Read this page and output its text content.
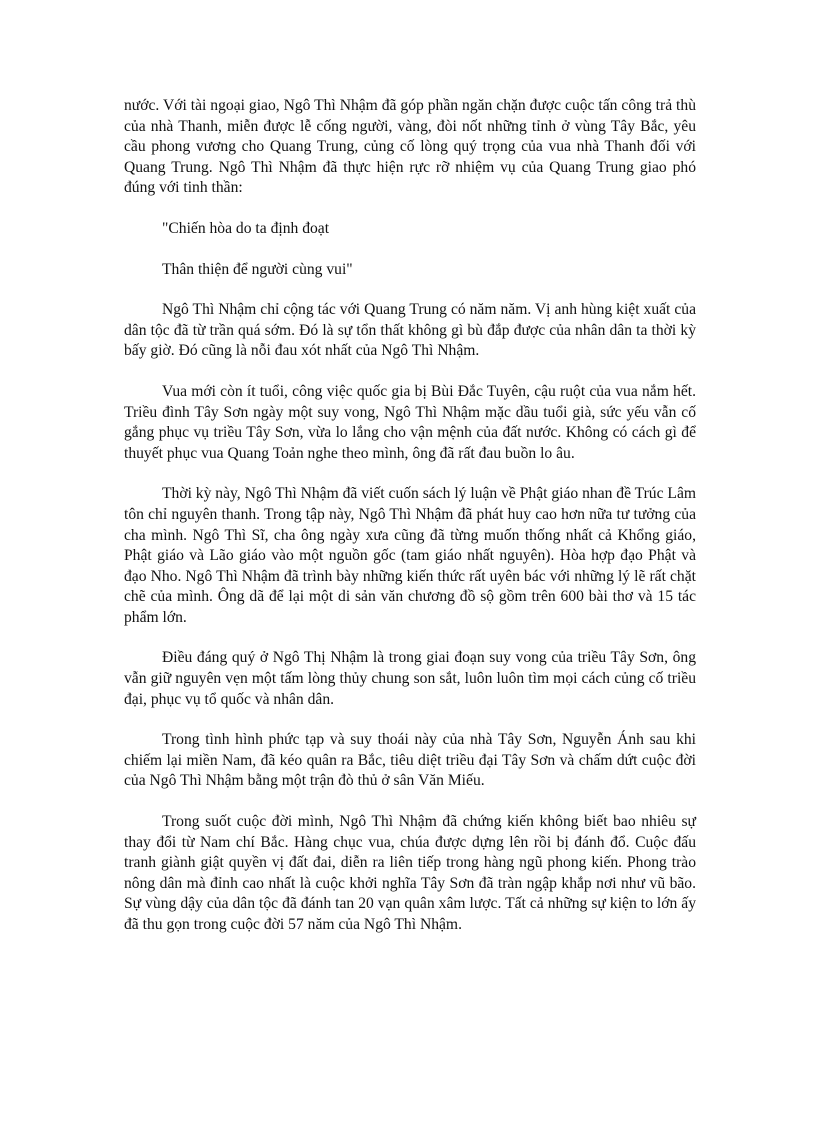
nước. Với tài ngoại giao, Ngô Thì Nhậm đã góp phần ngăn chặn được cuộc tấn công trả thù của nhà Thanh, miễn được lễ cống người, vàng, đòi nốt những tỉnh ở vùng Tây Bắc, yêu cầu phong vương cho Quang Trung, củng cố lòng quý trọng của vua nhà Thanh đối với Quang Trung. Ngô Thì Nhậm đã thực hiện rực rỡ nhiệm vụ của Quang Trung giao phó đúng với tinh thần:

"Chiến hòa do ta định đoạt

Thân thiện để người cùng vui"

Ngô Thì Nhậm chỉ cộng tác với Quang Trung có năm năm. Vị anh hùng kiệt xuất của dân tộc đã từ trần quá sớm. Đó là sự tổn thất không gì bù đắp được của nhân dân ta thời kỳ bấy giờ. Đó cũng là nỗi đau xót nhất của Ngô Thì Nhậm.

Vua mới còn ít tuổi, công việc quốc gia bị Bùi Đắc Tuyên, cậu ruột của vua nắm hết. Triều đình Tây Sơn ngày một suy vong, Ngô Thì Nhậm mặc dầu tuổi già, sức yếu vẫn cố gắng phục vụ triều Tây Sơn, vừa lo lắng cho vận mệnh của đất nước. Không có cách gì để thuyết phục vua Quang Toản nghe theo mình, ông đã rất đau buồn lo âu.

Thời kỳ này, Ngô Thì Nhậm đã viết cuốn sách lý luận về Phật giáo nhan đề Trúc Lâm tôn chỉ nguyên thanh. Trong tập này, Ngô Thì Nhậm đã phát huy cao hơn nữa tư tưởng của cha mình. Ngô Thì Sĩ, cha ông ngày xưa cũng đã từng muốn thống nhất cả Khổng giáo, Phật giáo và Lão giáo vào một nguồn gốc (tam giáo nhất nguyên). Hòa hợp đạo Phật và đạo Nho. Ngô Thì Nhậm đã trình bày những kiến thức rất uyên bác với những lý lẽ rất chặt chẽ của mình. Ông dã để lại một di sản văn chương đồ sộ gồm trên 600 bài thơ và 15 tác phẩm lớn.

Điều đáng quý ở Ngô Thị Nhậm là trong giai đoạn suy vong của triều Tây Sơn, ông vẫn giữ nguyên vẹn một tấm lòng thủy chung son sắt, luôn luôn tìm mọi cách củng cố triều đại, phục vụ tổ quốc và nhân dân.

Trong tình hình phức tạp và suy thoái này của nhà Tây Sơn, Nguyễn Ánh sau khi chiếm lại miền Nam, đã kéo quân ra Bắc, tiêu diệt triều đại Tây Sơn và chấm dứt cuộc đời của Ngô Thì Nhậm bằng một trận đò thủ ở sân Văn Miếu.

Trong suốt cuộc đời mình, Ngô Thì Nhậm đã chứng kiến không biết bao nhiêu sự thay đổi từ Nam chí Bắc. Hàng chục vua, chúa được dựng lên rồi bị đánh đổ. Cuộc đấu tranh giành giật quyền vị đất đai, diễn ra liên tiếp trong hàng ngũ phong kiến. Phong trào nông dân mà đỉnh cao nhất là cuộc khởi nghĩa Tây Sơn đã tràn ngập khắp nơi như vũ bão. Sự vùng dậy của dân tộc đã đánh tan 20 vạn quân xâm lược. Tất cả những sự kiện to lớn ấy đã thu gọn trong cuộc đời 57 năm của Ngô Thì Nhậm.
